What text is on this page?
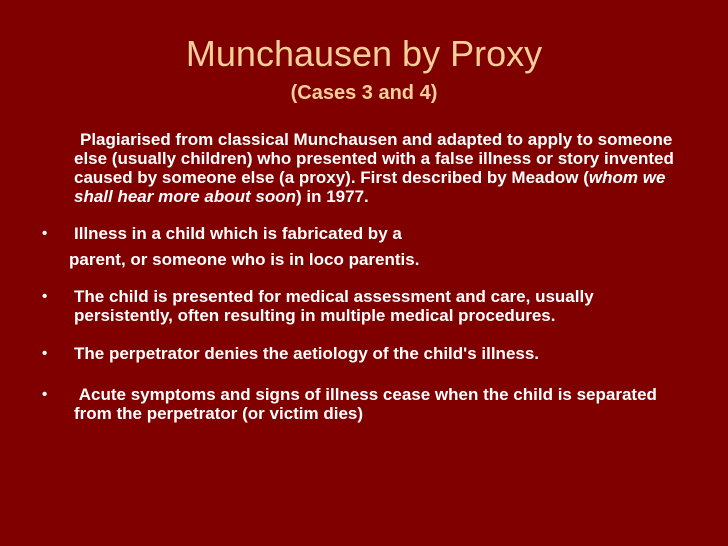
Munchausen by Proxy
(Cases 3 and 4)
Plagiarised from classical Munchausen and adapted to apply to someone else (usually children) who presented with a false illness or story invented caused by someone else (a proxy). First described by Meadow (whom we shall hear more about soon) in 1977.
• Illness in a child which is fabricated by a
parent, or someone who is in loco parentis.
• The child is presented for medical assessment and care, usually persistently, often resulting in multiple medical procedures.
• The perpetrator denies the aetiology of the child's illness.
• Acute symptoms and signs of illness cease when the child is separated from the perpetrator (or victim dies)
